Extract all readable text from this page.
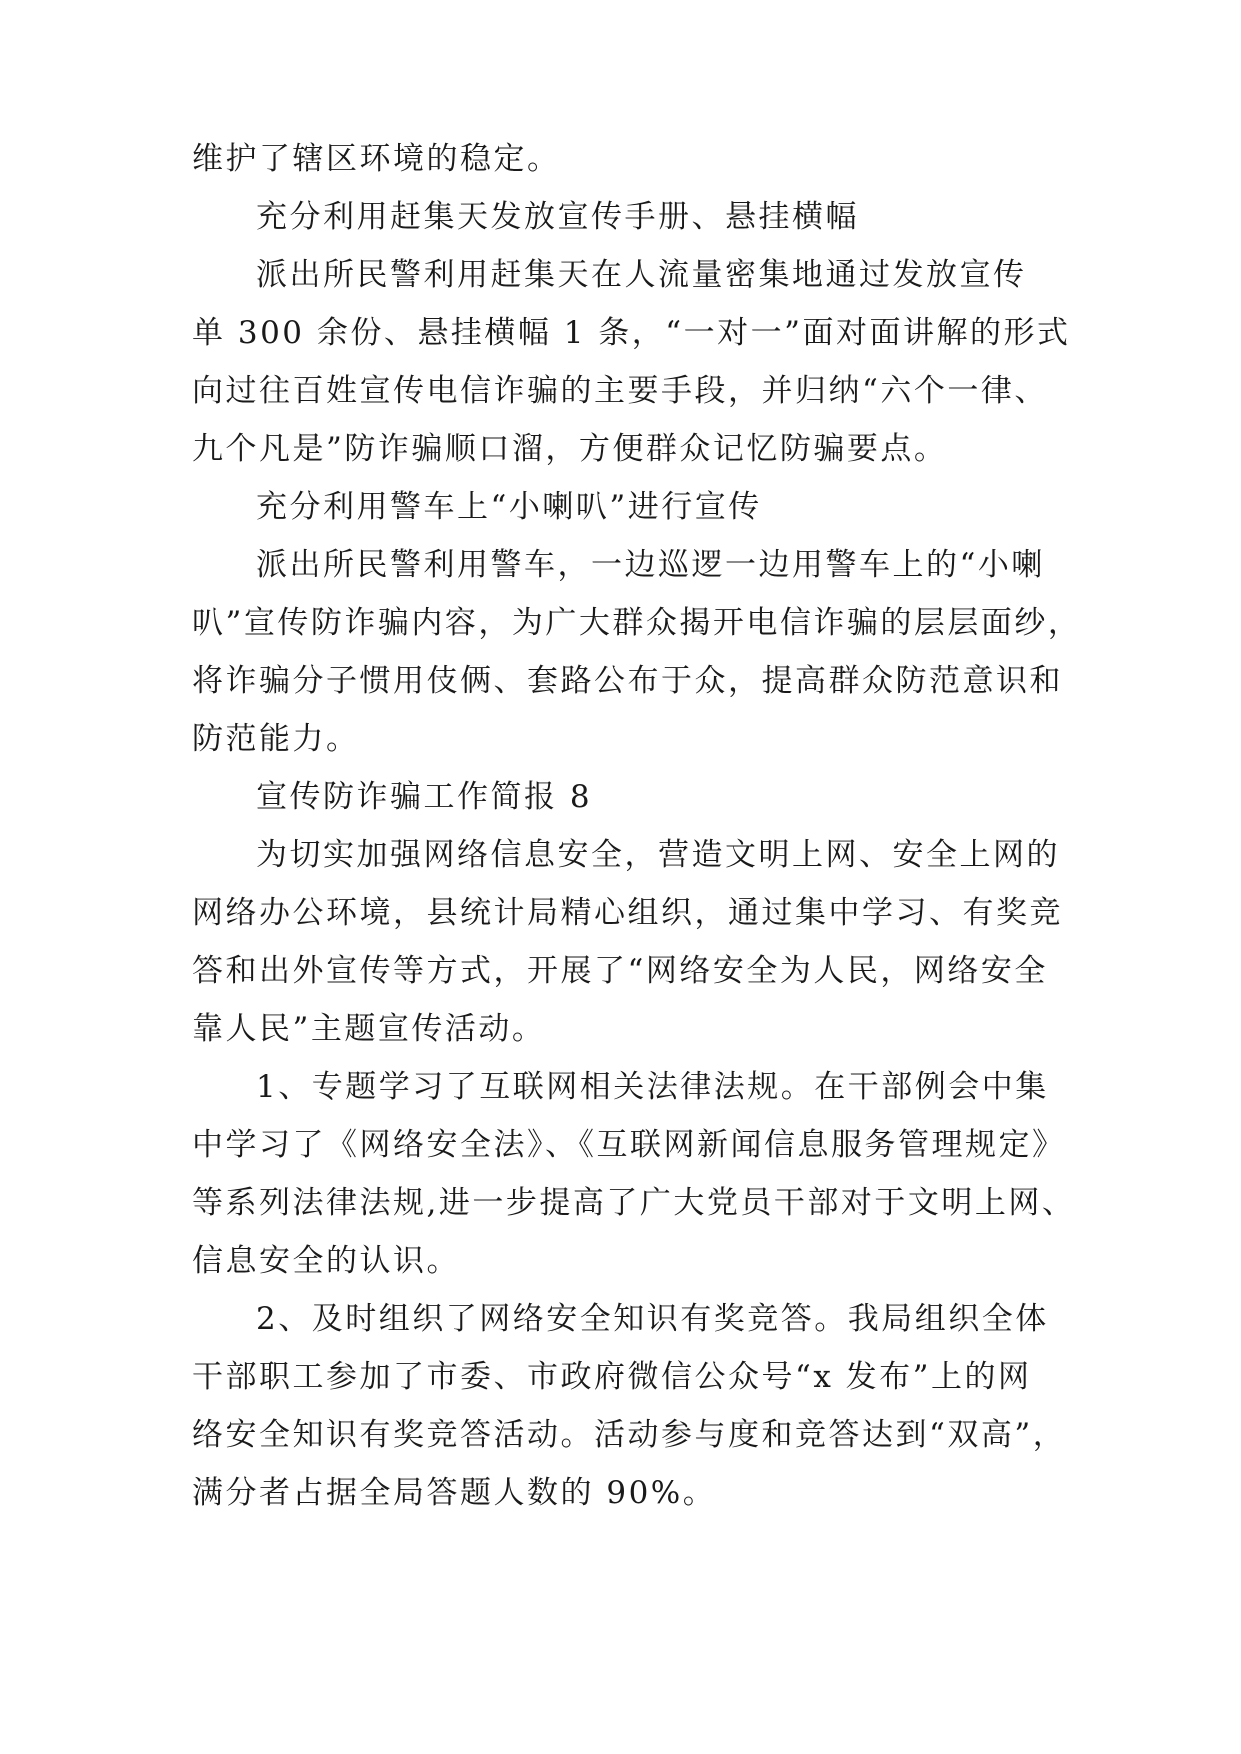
维护了辖区环境的稳定。
充分利用赶集天发放宣传手册、悬挂横幅
派出所民警利用赶集天在人流量密集地通过发放宣传
单 300 余份、悬挂横幅 1 条，“一对一”面对面讲解的形式
向过往百姓宣传电信诈骗的主要手段，并归纳“六个一律、
九个凡是”防诈骗顺口溜，方便群众记忆防骗要点。
充分利用警车上“小喇叭”进行宣传
派出所民警利用警车，一边巡逻一边用警车上的“小喇
叭”宣传防诈骗内容，为广大群众揭开电信诈骗的层层面纱，
将诈骗分子惯用伎俩、套路公布于众，提高群众防范意识和
防范能力。
宣传防诈骗工作简报 8
为切实加强网络信息安全，营造文明上网、安全上网的
网络办公环境，县统计局精心组织，通过集中学习、有奖竞
答和出外宣传等方式，开展了“网络安全为人民，网络安全
靠人民”主题宣传活动。
1、专题学习了互联网相关法律法规。在干部例会中集
中学习了《网络安全法》、《互联网新闻信息服务管理规定》
等系列法律法规,进一步提高了广大党员干部对于文明上网、
信息安全的认识。
2、及时组织了网络安全知识有奖竞答。我局组织全体
干部职工参加了市委、市政府微信公众号“x 发布”上的网
络安全知识有奖竞答活动。活动参与度和竞答达到“双高”，
满分者占据全局答题人数的 90%。
